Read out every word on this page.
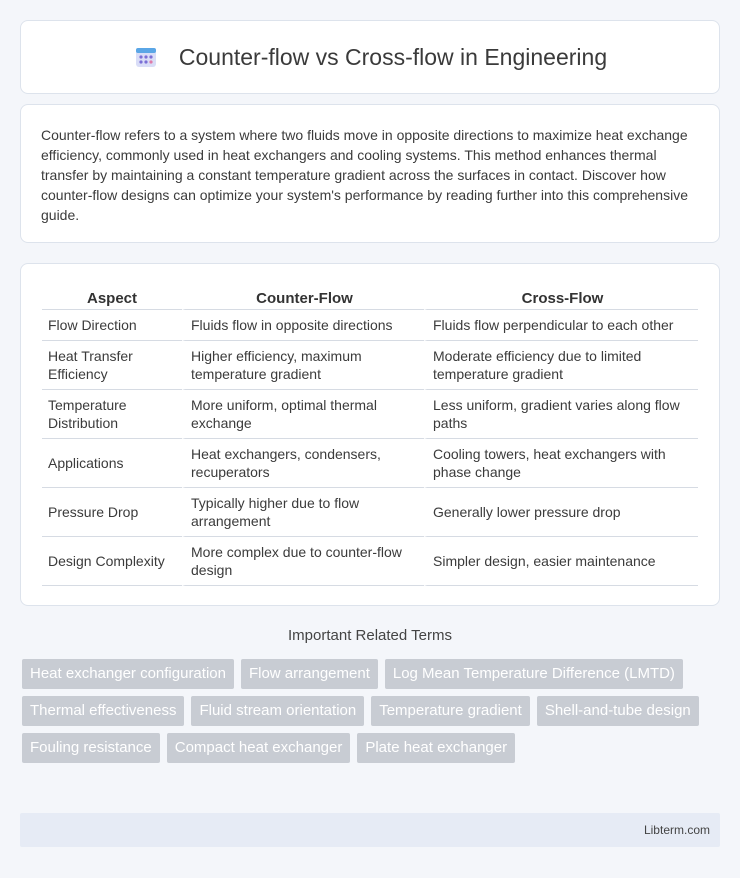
Counter-flow vs Cross-flow in Engineering

Counter-flow refers to a system where two fluids move in opposite directions to maximize heat exchange efficiency, commonly used in heat exchangers and cooling systems. This method enhances thermal transfer by maintaining a constant temperature gradient across the surfaces in contact. Discover how counter-flow designs can optimize your system's performance by reading further into this comprehensive guide.

Aspect	Counter-Flow	Cross-Flow
Flow Direction	Fluids flow in opposite directions	Fluids flow perpendicular to each other
Heat Transfer Efficiency	Higher efficiency, maximum temperature gradient	Moderate efficiency due to limited temperature gradient
Temperature Distribution	More uniform, optimal thermal exchange	Less uniform, gradient varies along flow paths
Applications	Heat exchangers, condensers, recuperators	Cooling towers, heat exchangers with phase change
Pressure Drop	Typically higher due to flow arrangement	Generally lower pressure drop
Design Complexity	More complex due to counter-flow design	Simpler design, easier maintenance
Important Related Terms
Heat exchanger configuration	Flow arrangement	Log Mean Temperature Difference (LMTD)
Thermal effectiveness	Fluid stream orientation	Temperature gradient	Shell-and-tube design
Fouling resistance	Compact heat exchanger	Plate heat exchanger
Libterm.com
